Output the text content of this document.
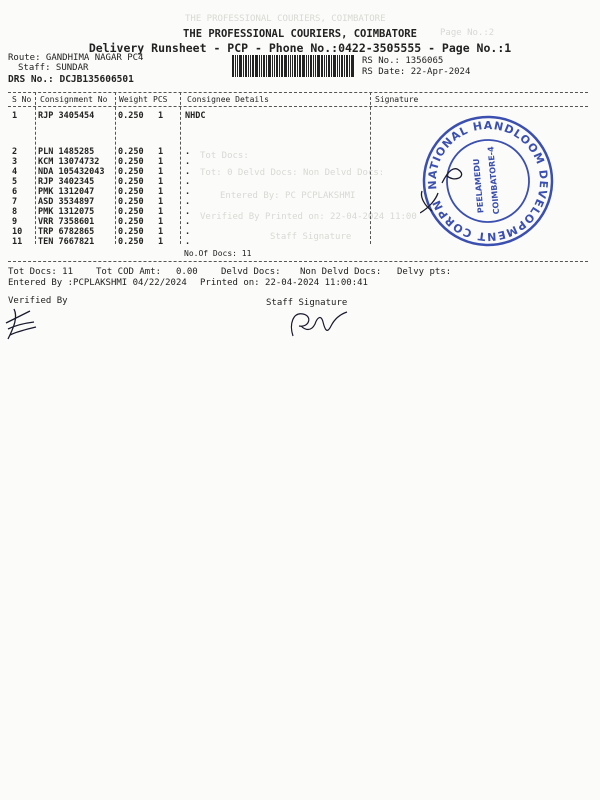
THE PROFESSIONAL COURIERS, COIMBATORE
Page No.:2
Tot Docs:
Tot: 0 Delvd Docs: Non Delvd Docs:
Entered By: PC PCPLAKSHMI
Verified By Printed on: 22-04-2024 11:00
Staff Signature
THE PROFESSIONAL COURIERS, COIMBATORE
Delivery Runsheet - PCP - Phone No.:0422-3505555 - Page No.:1
Route: GANDHIMA NAGAR PC4
Staff: SUNDAR
DRS No.: DCJB135606501
RS No.: 1356065
RS Date: 22-Apr-2024
S No Consignment No Weight PCS Consignee Details	Signature
1 RJP 3405454	0.250 1	NHDC
2 PLN 1485285	0.250 1	.
3 KCM 13074732 0.250 1	.
4 NDA 105432043 0.250 1	.
5 RJP 3402345	0.250 1	.
6 PMK 1312047	0.250 1	.
7 ASD 3534897	0.250 1	.
8 PMK 1312075	0.250 1	.
9 VRR 7358601	0.250 1	.
10 TRP 6782865	0.250 1	.
11 TEN 7667821	0.250 1	.
No.Of Docs: 11
Tot Docs: 11	Tot COD Amt: 0.00	Delvd Docs: Non Delvd Docs: Delvy pts:
Entered By :PCPLAKSHMI 04/22/2024 Printed on: 22-04-2024 11:00:41
Verified By	Staff Signature
NATIONAL HANDLOOM DEVELOPMENT CORPN.
PEELAMEDU COIMBATORE-4
